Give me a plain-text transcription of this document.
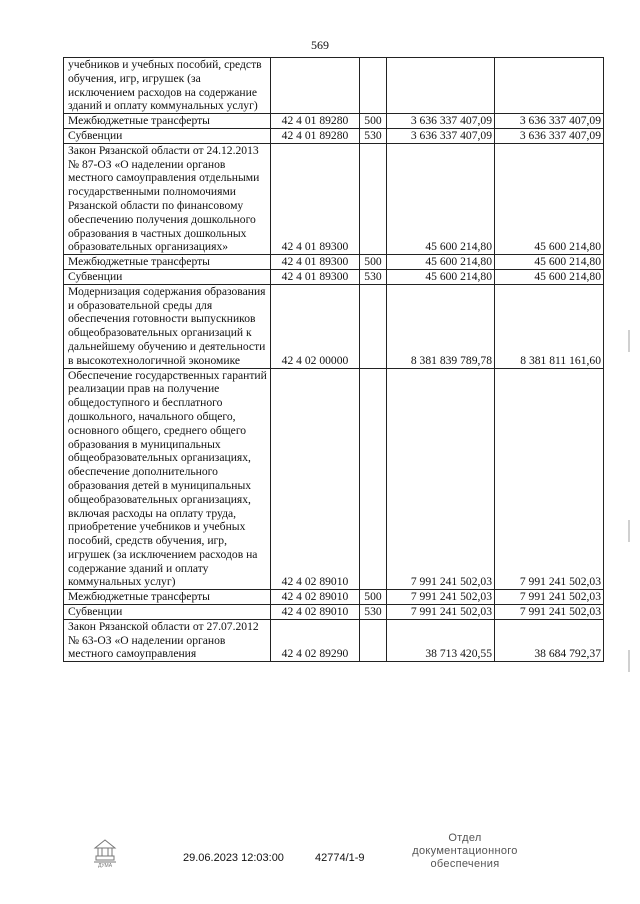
569
учебников и учебных пособий, средств обучения, игр, игрушек (за исключением расходов на содержание зданий и оплату коммунальных услуг)				
Межбюджетные трансферты	42 4 01 89280	500	3 636 337 407,09	3 636 337 407,09
Субвенции	42 4 01 89280	530	3 636 337 407,09	3 636 337 407,09
Закон Рязанской области от 24.12.2013 № 87-ОЗ «О наделении органов местного самоуправления отдельными государственными полномочиями Рязанской области по финансовому обеспечению получения дошкольного образования в частных дошкольных образовательных организациях»	42 4 01 89300		45 600 214,80	45 600 214,80
Межбюджетные трансферты	42 4 01 89300	500	45 600 214,80	45 600 214,80
Субвенции	42 4 01 89300	530	45 600 214,80	45 600 214,80
Модернизация содержания образования и образовательной среды для обеспечения готовности выпускников общеобразовательных организаций к дальнейшему обучению и деятельности в высокотехнологичной экономике	42 4 02 00000		8 381 839 789,78	8 381 811 161,60
Обеспечение государственных гарантий реализации прав на получение общедоступного и бесплатного дошкольного, начального общего, основного общего, среднего общего образования в муниципальных общеобразовательных организациях, обеспечение дополнительного образования детей в муниципальных общеобразовательных организациях, включая расходы на оплату труда, приобретение учебников и учебных пособий, средств обучения, игр, игрушек (за исключением расходов на содержание зданий и оплату коммунальных услуг)	42 4 02 89010		7 991 241 502,03	7 991 241 502,03
Межбюджетные трансферты	42 4 02 89010	500	7 991 241 502,03	7 991 241 502,03
Субвенции	42 4 02 89010	530	7 991 241 502,03	7 991 241 502,03
Закон Рязанской области от 27.07.2012 № 63-ОЗ «О наделении органов местного самоуправления	42 4 02 89290		38 713 420,55	38 684 792,37
ДУМА
29.06.2023 12:03:00	42774/1-9
Отдел документационного
обеспечения
